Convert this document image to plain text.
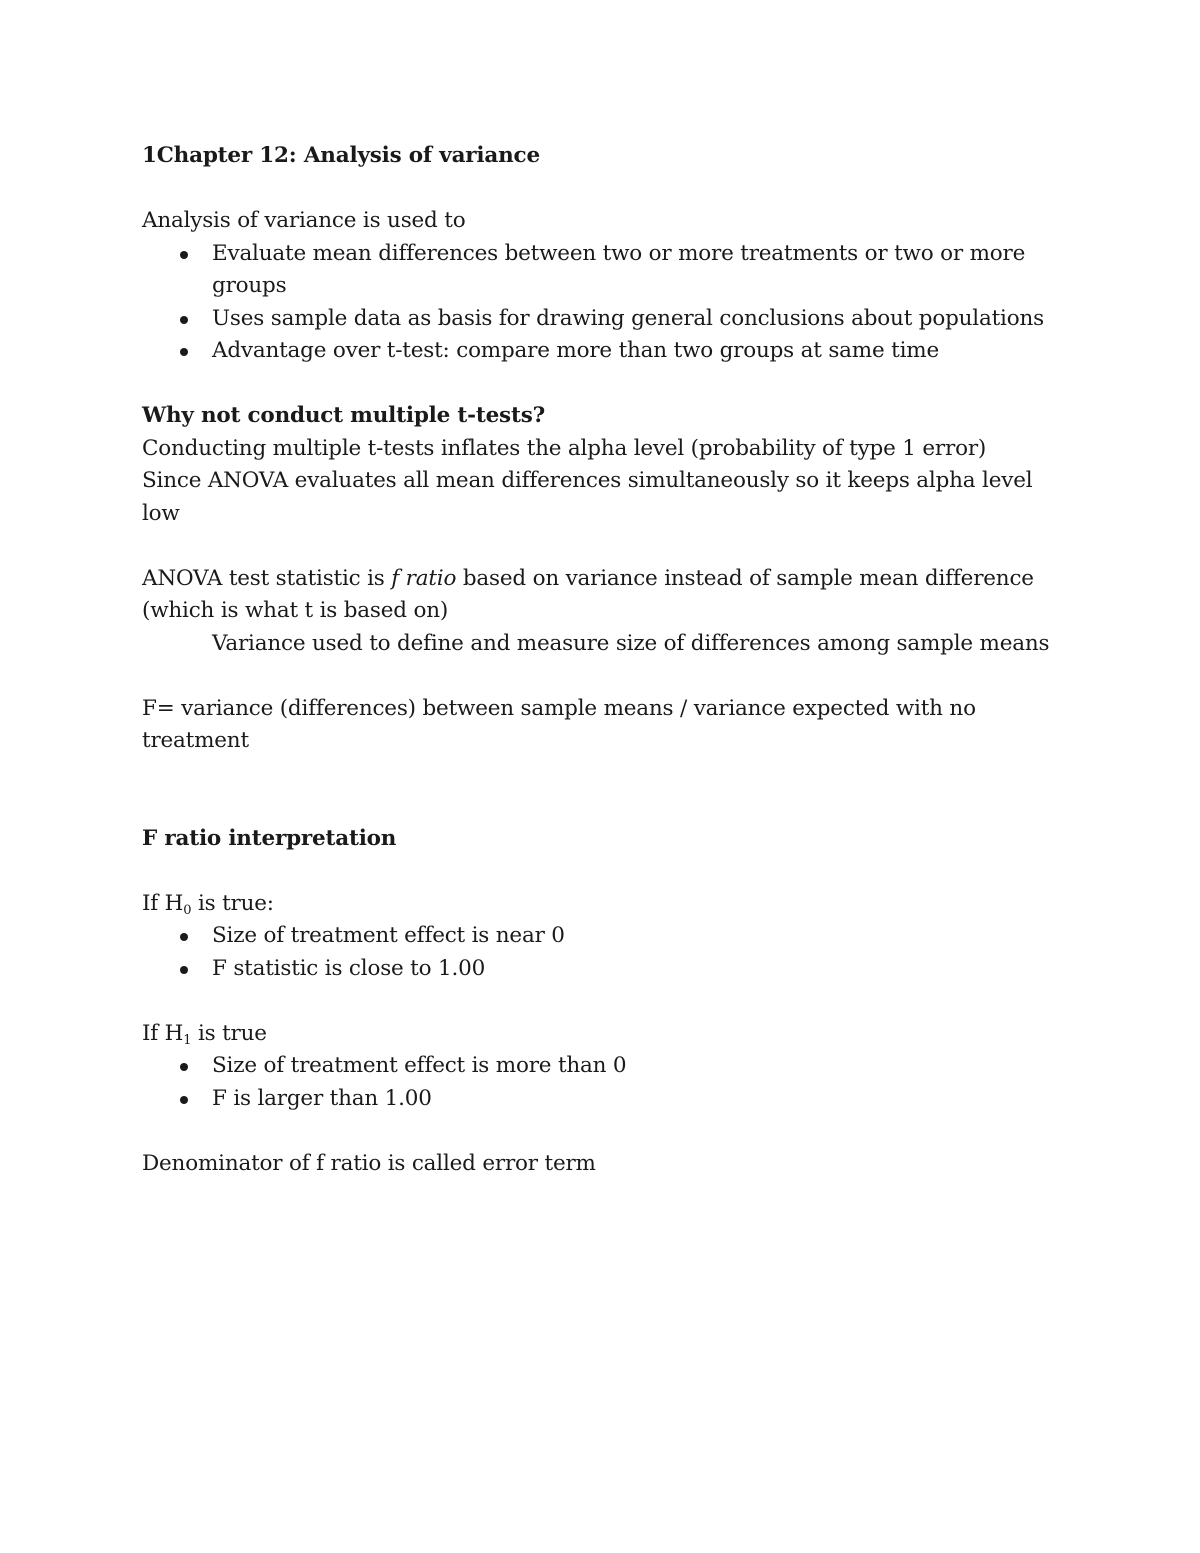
1Chapter 12: Analysis of variance

Analysis of variance is used to

Evaluate mean differences between two or more treatments or two or more groups
Uses sample data as basis for drawing general conclusions about populations
Advantage over t-test: compare more than two groups at same time

Why not conduct multiple t-tests?

Conducting multiple t-tests inflates the alpha level (probability of type 1 error)

Since ANOVA evaluates all mean differences simultaneously so it keeps alpha level low

ANOVA test statistic is f ratio based on variance instead of sample mean difference (which is what t is based on)

Variance used to define and measure size of differences among sample means

F= variance (differences) between sample means / variance expected with no treatment

F ratio interpretation

If $H_0$ is true:

Size of treatment effect is near 0
F statistic is close to 1.00

If $H_1$ is true

Size of treatment effect is more than 0
F is larger than 1.00

Denominator of f ratio is called error term
